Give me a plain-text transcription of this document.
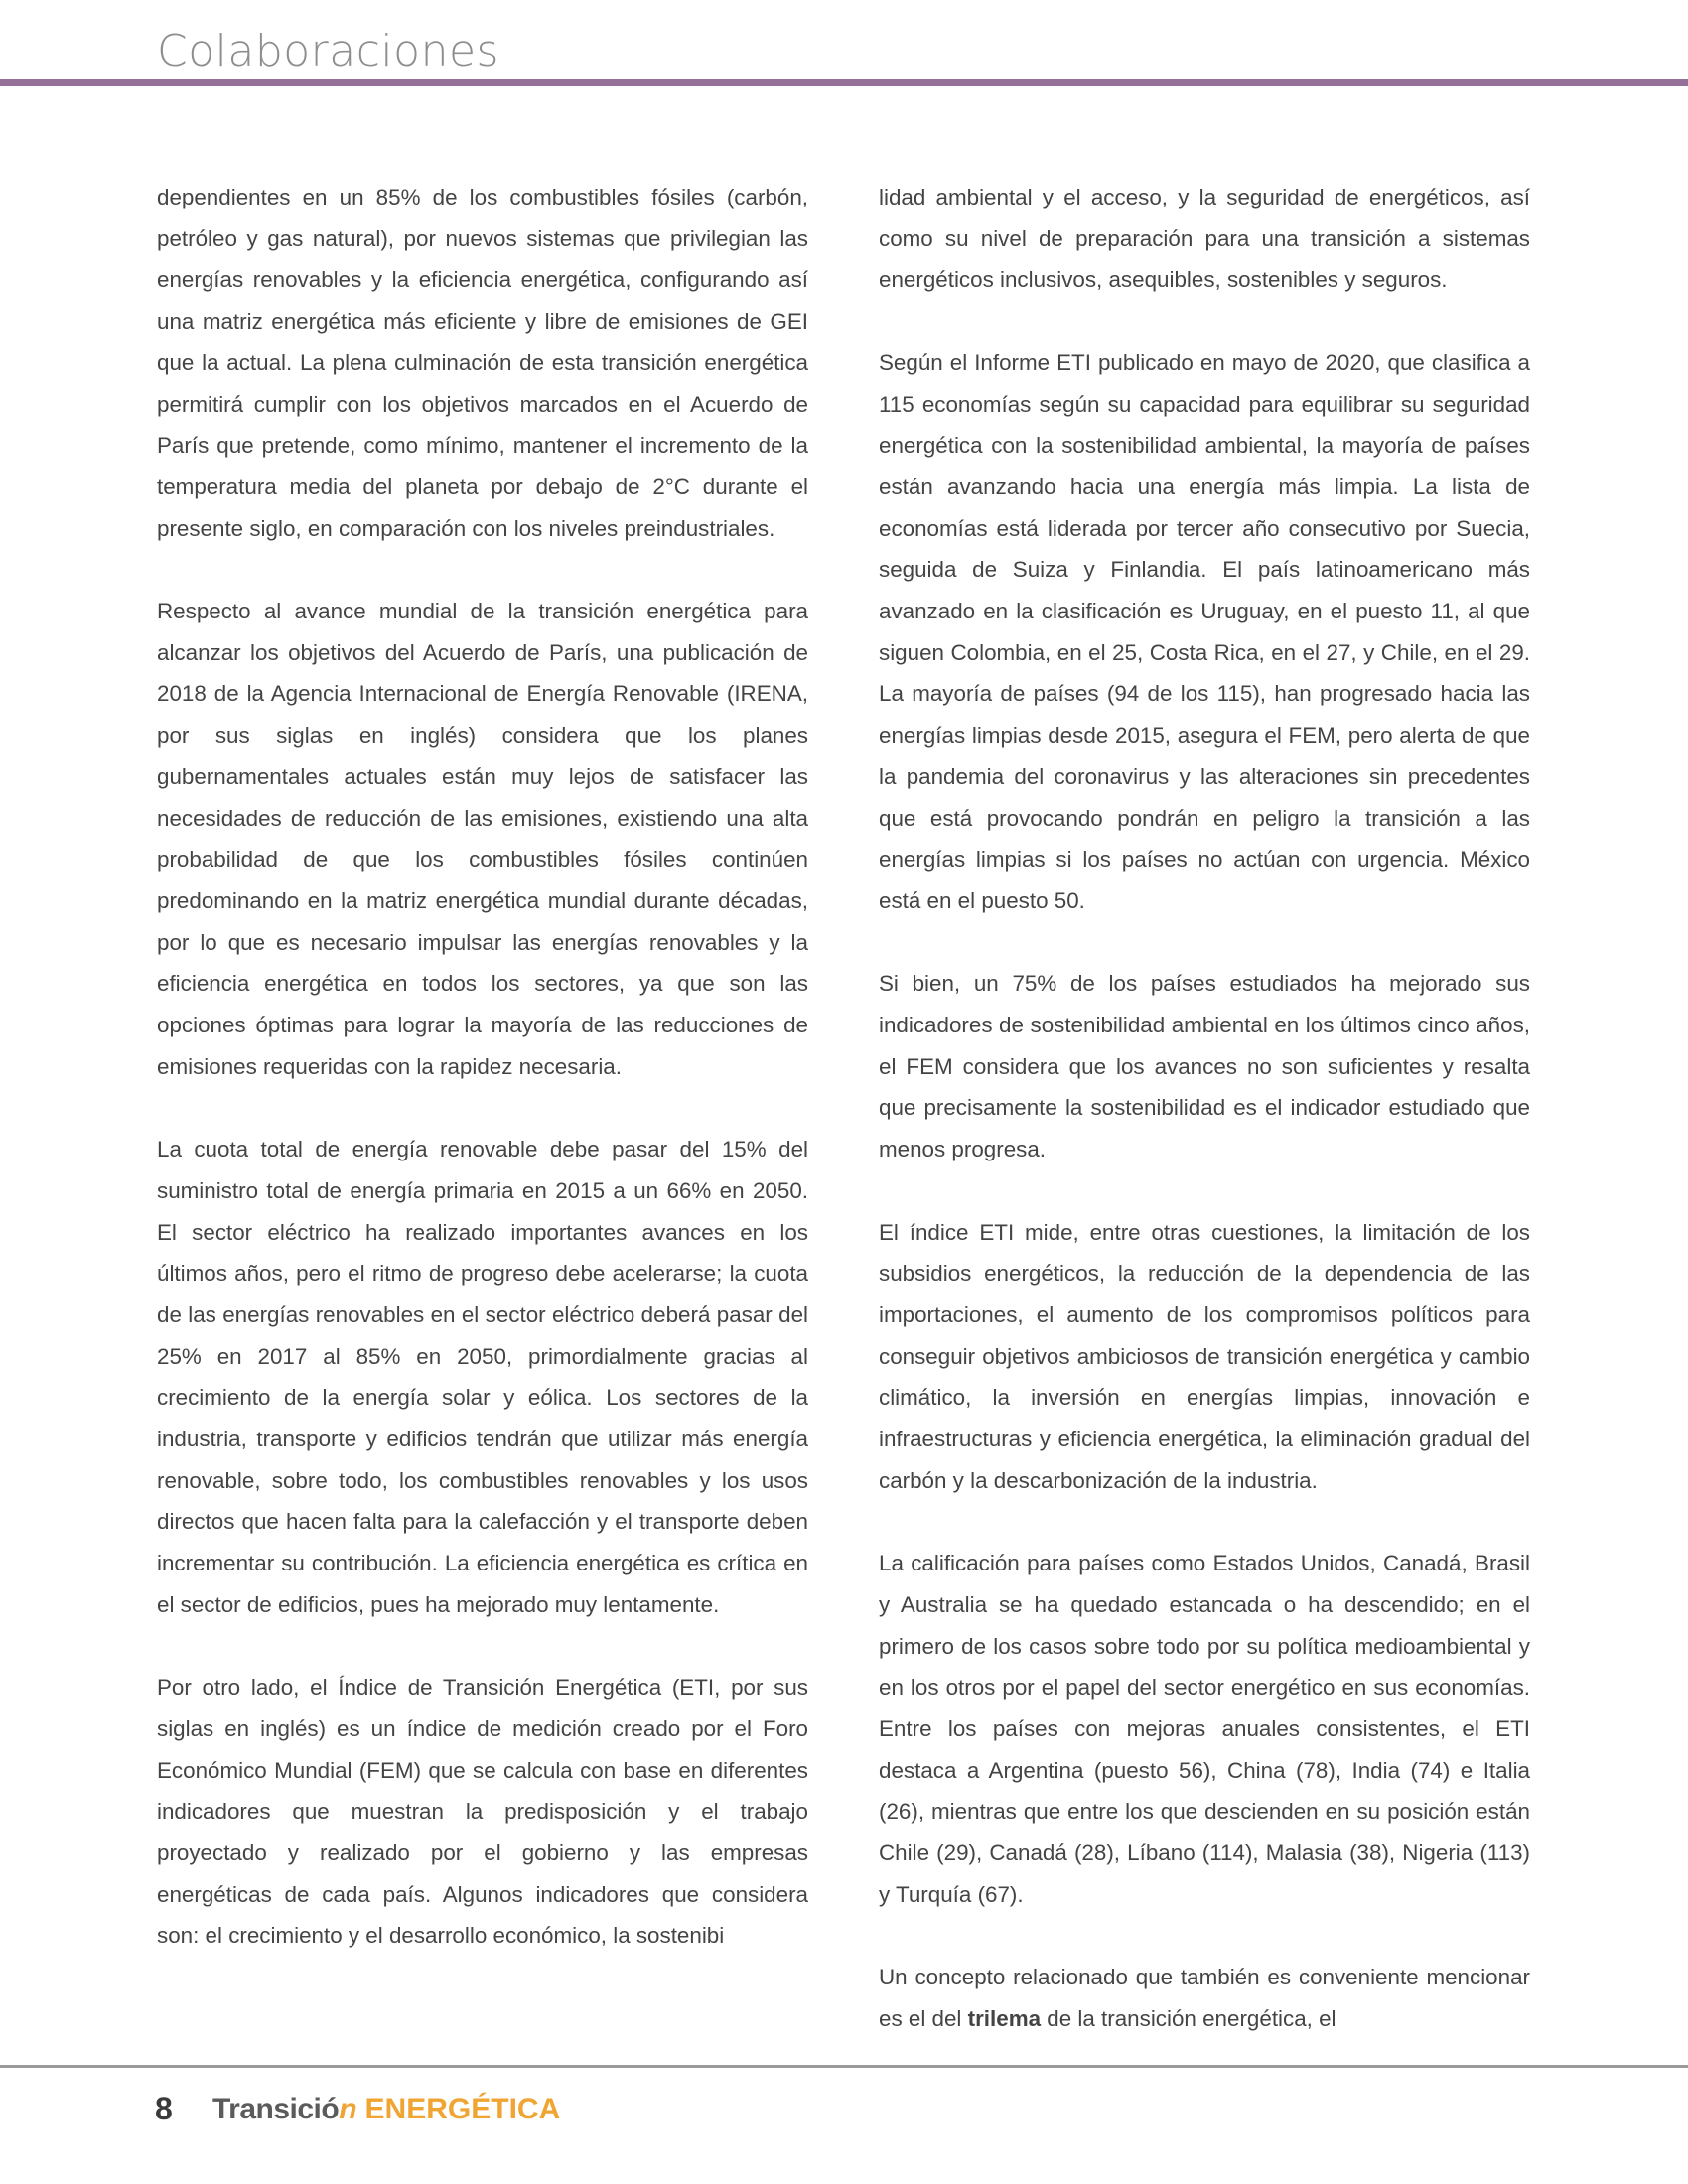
Colaboraciones

dependientes en un 85% de los combustibles fósiles (carbón, petróleo y gas natural), por nuevos sistemas que privilegian las energías renovables y la eficiencia energética, configurando así una matriz energética más eficiente y libre de emisiones de GEI que la actual. La plena culminación de esta transición energética permitirá cumplir con los objetivos marcados en el Acuerdo de París que pretende, como mínimo, mantener el incremento de la temperatura media del planeta por debajo de 2°C durante el presente siglo, en comparación con los niveles preindustriales.

Respecto al avance mundial de la transición energética para alcanzar los objetivos del Acuerdo de París, una publicación de 2018 de la Agencia Internacional de Energía Renovable (IRENA, por sus siglas en inglés) considera que los planes gubernamentales actuales están muy lejos de satisfacer las necesidades de reducción de las emisiones, existiendo una alta probabilidad de que los combustibles fósiles continúen predominando en la matriz energética mundial durante décadas, por lo que es necesario impulsar las energías renovables y la eficiencia energética en todos los sectores, ya que son las opciones óptimas para lograr la mayoría de las reducciones de emisiones requeridas con la rapidez necesaria.

La cuota total de energía renovable debe pasar del 15% del suministro total de energía primaria en 2015 a un 66% en 2050. El sector eléctrico ha realizado importantes avances en los últimos años, pero el ritmo de progreso debe acelerarse; la cuota de las energías renovables en el sector eléctrico deberá pasar del 25% en 2017 al 85% en 2050, primordialmente gracias al crecimiento de la energía solar y eólica. Los sectores de la industria, transporte y edificios tendrán que utilizar más energía renovable, sobre todo, los combustibles renovables y los usos directos que hacen falta para la calefacción y el transporte deben incrementar su contribución. La eficiencia energética es crítica en el sector de edificios, pues ha mejorado muy lentamente.

Por otro lado, el Índice de Transición Energética (ETI, por sus siglas en inglés) es un índice de medición creado por el Foro Económico Mundial (FEM) que se calcula con base en diferentes indicadores que muestran la predisposición y el trabajo proyectado y realizado por el gobierno y las empresas energéticas de cada país. Algunos indicadores que considera son: el crecimiento y el desarrollo económico, la sostenibi

lidad ambiental y el acceso, y la seguridad de energéticos, así como su nivel de preparación para una transición a sistemas energéticos inclusivos, asequibles, sostenibles y seguros.

Según el Informe ETI publicado en mayo de 2020, que clasifica a 115 economías según su capacidad para equilibrar su seguridad energética con la sostenibilidad ambiental, la mayoría de países están avanzando hacia una energía más limpia. La lista de economías está liderada por tercer año consecutivo por Suecia, seguida de Suiza y Finlandia. El país latinoamericano más avanzado en la clasificación es Uruguay, en el puesto 11, al que siguen Colombia, en el 25, Costa Rica, en el 27, y Chile, en el 29. La mayoría de países (94 de los 115), han progresado hacia las energías limpias desde 2015, asegura el FEM, pero alerta de que la pandemia del coronavirus y las alteraciones sin precedentes que está provocando pondrán en peligro la transición a las energías limpias si los países no actúan con urgencia. México está en el puesto 50.

Si bien, un 75% de los países estudiados ha mejorado sus indicadores de sostenibilidad ambiental en los últimos cinco años, el FEM considera que los avances no son suficientes y resalta que precisamente la sostenibilidad es el indicador estudiado que menos progresa.

El índice ETI mide, entre otras cuestiones, la limitación de los subsidios energéticos, la reducción de la dependencia de las importaciones, el aumento de los compromisos políticos para conseguir objetivos ambiciosos de transición energética y cambio climático, la inversión en energías limpias, innovación e infraestructuras y eficiencia energética, la eliminación gradual del carbón y la descarbonización de la industria.

La calificación para países como Estados Unidos, Canadá, Brasil y Australia se ha quedado estancada o ha descendido; en el primero de los casos sobre todo por su política medioambiental y en los otros por el papel del sector energético en sus economías. Entre los países con mejoras anuales consistentes, el ETI destaca a Argentina (puesto 56), China (78), India (74) e Italia (26), mientras que entre los que descienden en su posición están Chile (29), Canadá (28), Líbano (114), Malasia (38), Nigeria (113) y Turquía (67).

Un concepto relacionado que también es conveniente mencionar es el del trilema de la transición energética, el

8 Transición ENERGÉTICA
